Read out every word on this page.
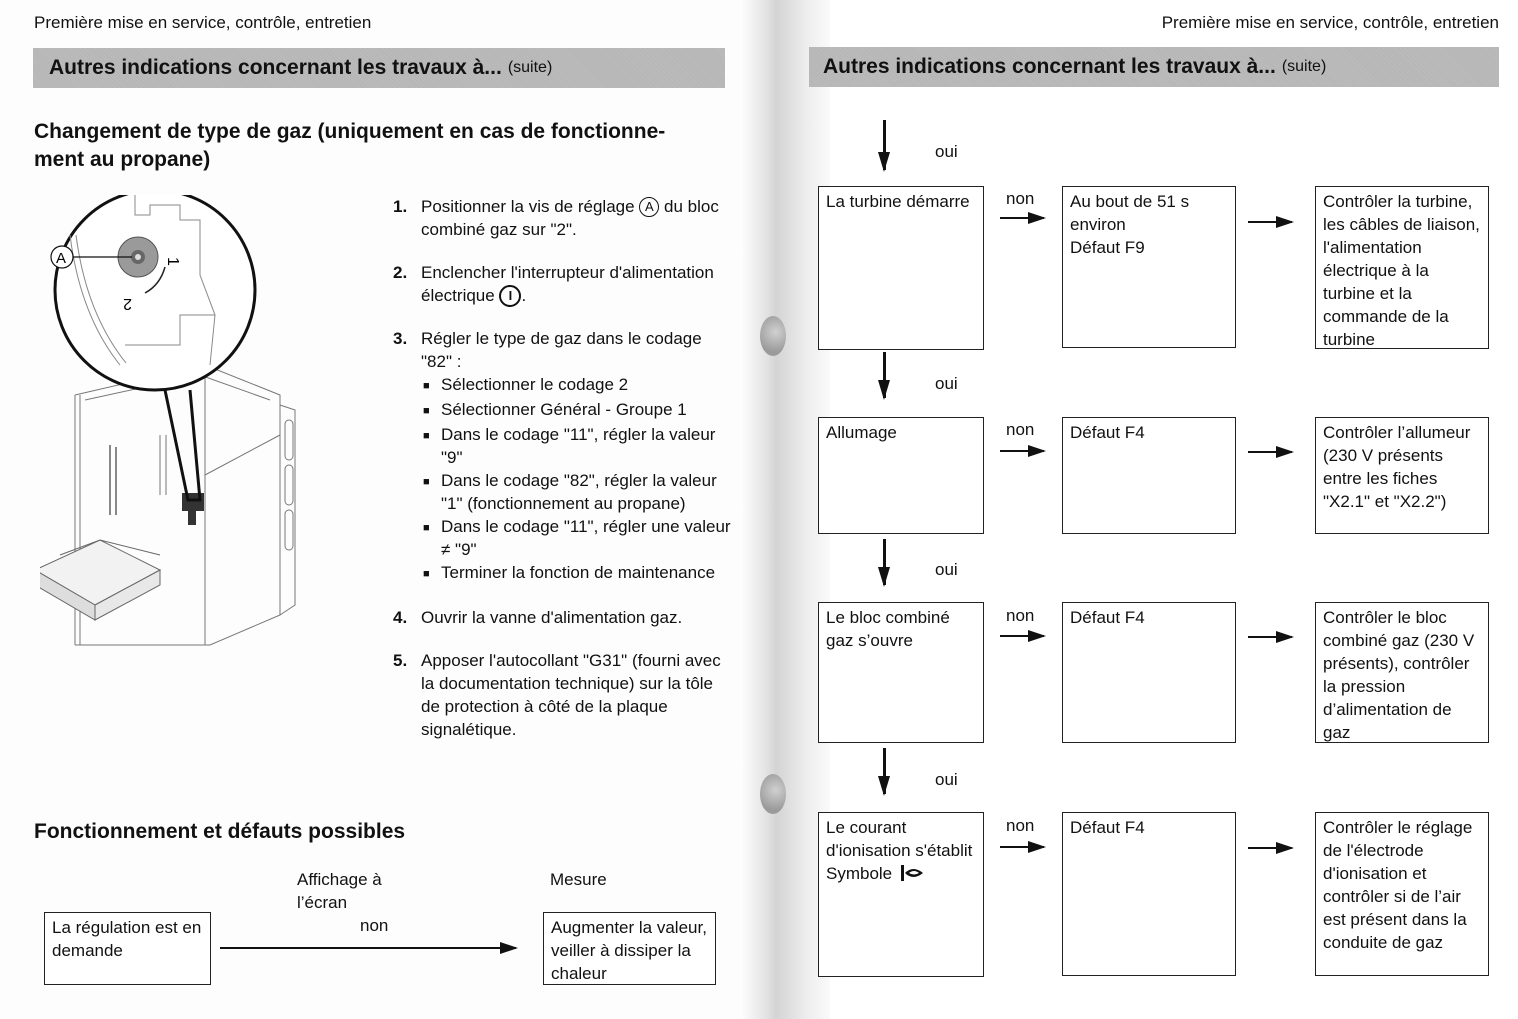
Première mise en service, contrôle, entretien
Autres indications concernant les travaux à... (suite)
Changement de type de gaz (uniquement en cas de fonctionne-
ment au propane)
1
2
A
1. Positionner la vis de réglage A du bloc combiné gaz sur "2".
2. Enclencher l'interrupteur d'alimentation électrique I .
3. Régler le type de gaz dans le codage "82" :
■ Sélectionner le codage 2
■ Sélectionner Général - Groupe 1
■ Dans le codage "11", régler la valeur "9"
■ Dans le codage "82", régler la valeur "1" (fonctionnement au propane)
■ Dans le codage "11", régler une valeur ≠ "9"
■ Terminer la fonction de maintenance
4. Ouvrir la vanne d'alimentation gaz.
5. Apposer l'autocollant "G31" (fourni avec la documentation technique) sur la tôle de protection à côté de la plaque signalétique.
Fonctionnement et défauts possibles
Affichage à l’écran
Mesure
La régulation est en demande
non	Augmenter la valeur, veiller à dissiper la chaleur
Première mise en service, contrôle, entretien
Autres indications concernant les travaux à... (suite)
oui
La turbine démarre	non	Au bout de 51 s environ
Défaut F9
Contrôler la turbine, les câbles de liaison, l'alimentation électrique à la turbine et la commande de la turbine
oui
Allumage	non	Défaut F4	Contrôler l’allumeur (230 V présents entre les fiches "X2.1" et "X2.2")
oui
Le bloc combiné gaz s’ouvre
non	Défaut F4	Contrôler le bloc combiné gaz (230 V présents), contrôler la pression d’alimentation de gaz
oui
Le courant d'ionisation s'établit
Symbole
non	Défaut F4	Contrôler le réglage de l'électrode d'ionisation et contrôler si de l’air est présent dans la conduite de gaz
